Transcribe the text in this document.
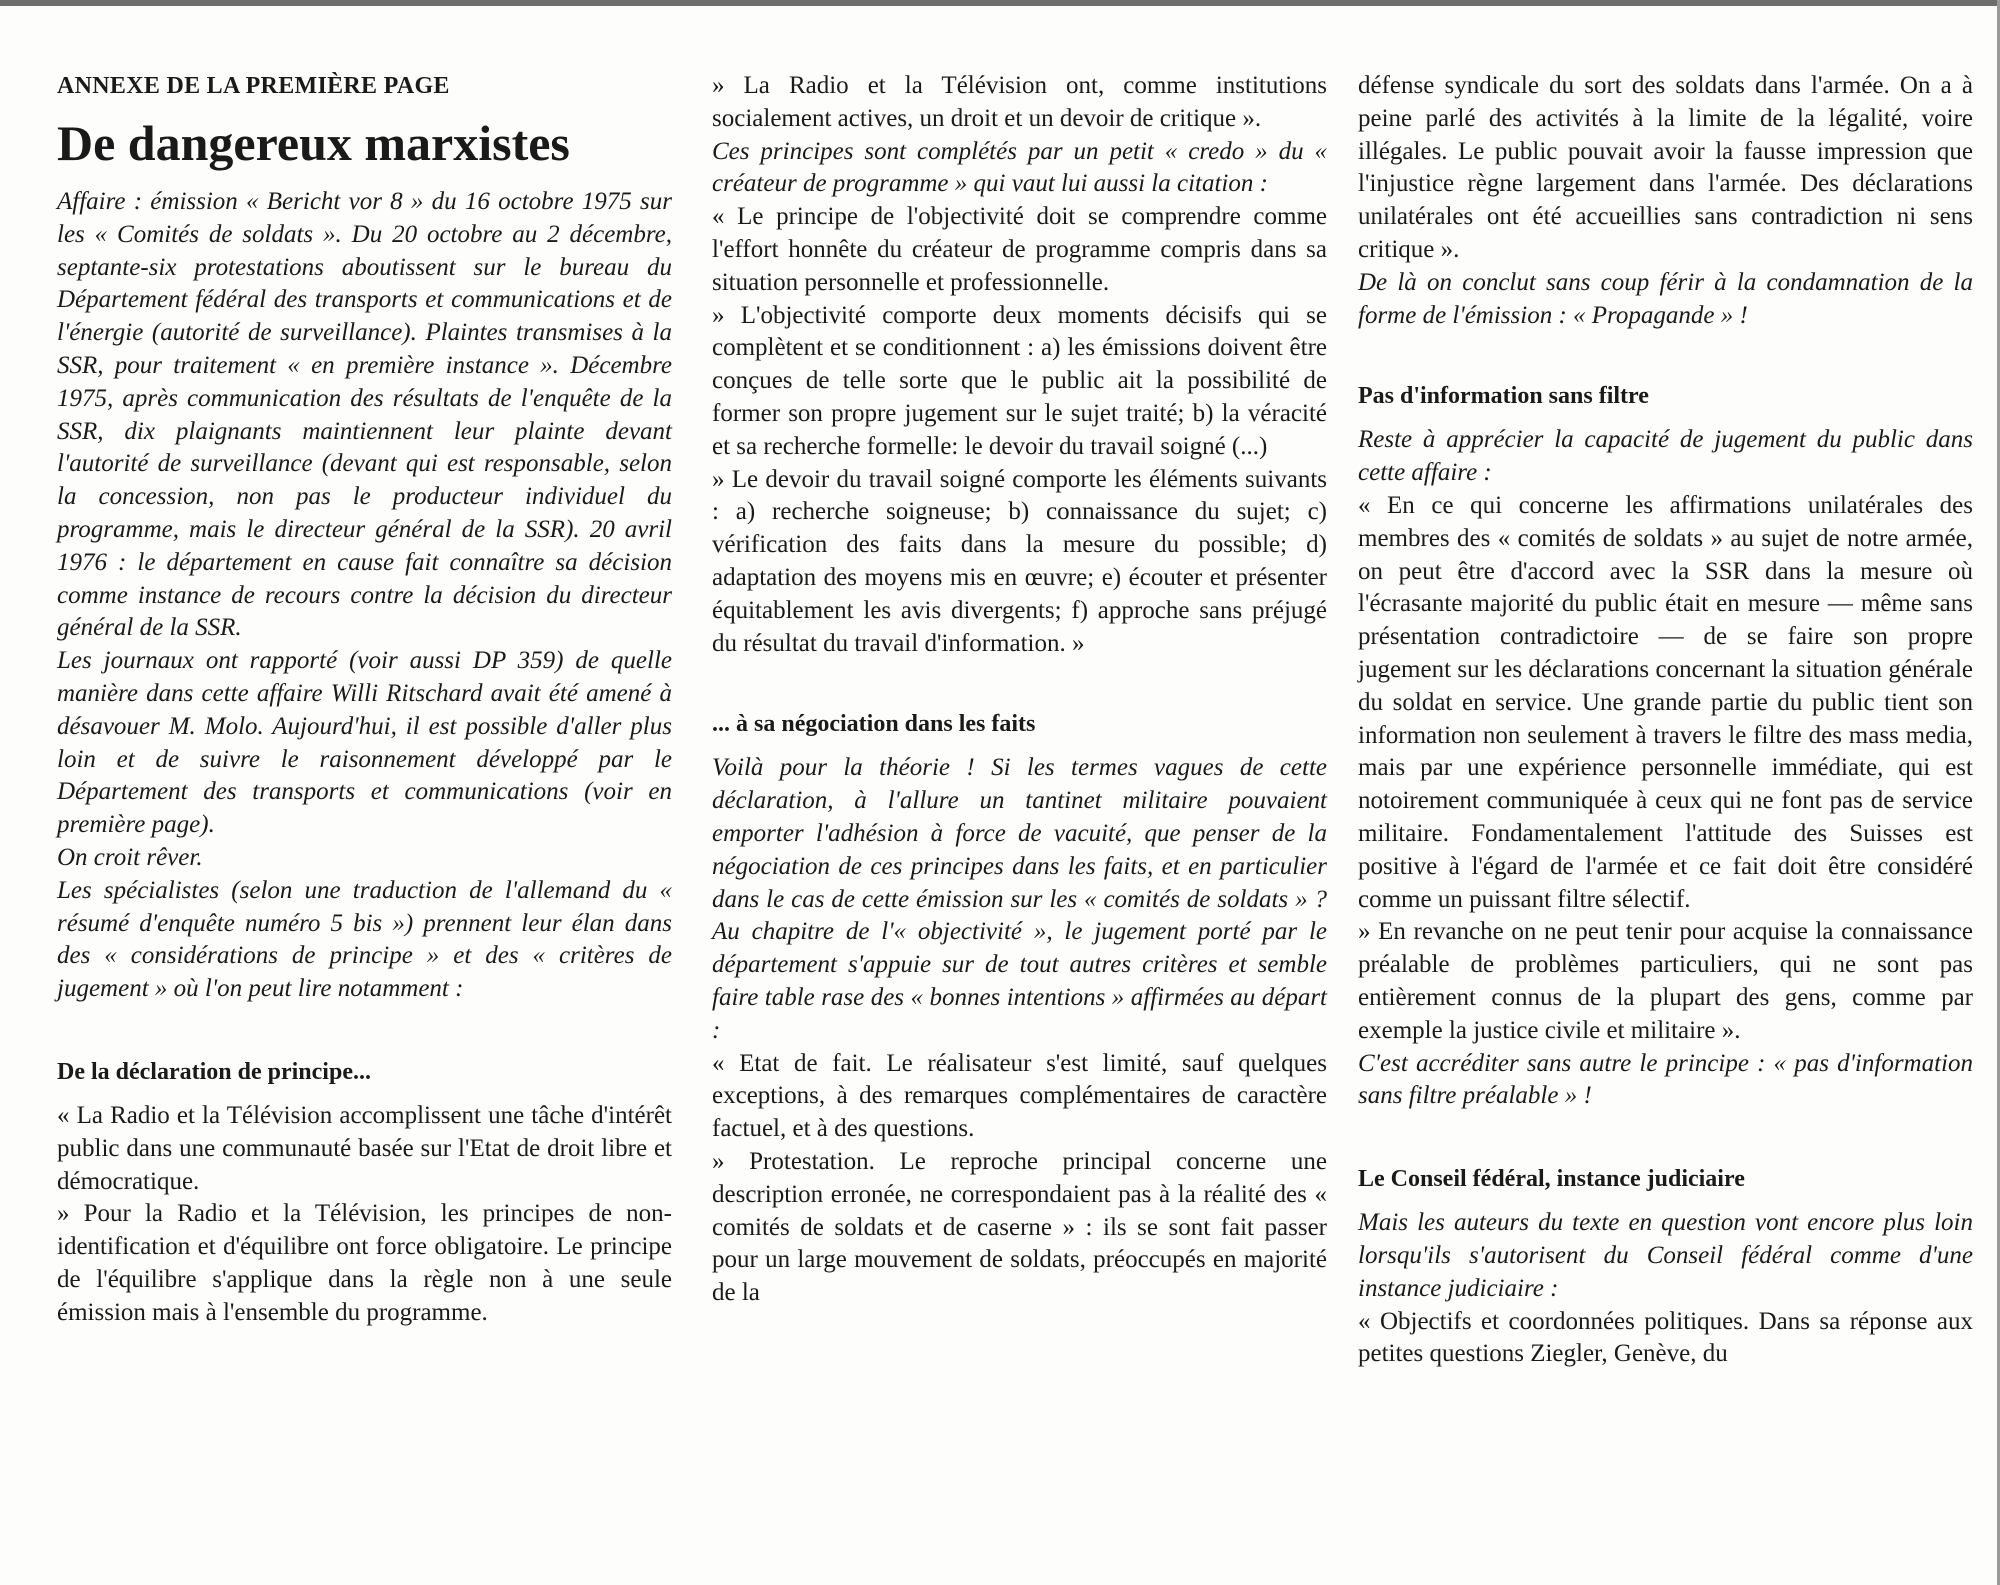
ANNEXE DE LA PREMIÈRE PAGE
De dangereux marxistes

Affaire : émission « Bericht vor 8 » du 16 octobre 1975 sur les « Comités de soldats ». Du 20 octobre au 2 décembre, septante-six protestations aboutissent sur le bureau du Département fédéral des transports et communications et de l'énergie (autorité de surveillance). Plaintes transmises à la SSR, pour traitement « en première instance ». Décembre 1975, après communication des résultats de l'enquête de la SSR, dix plaignants maintiennent leur plainte devant l'autorité de surveillance (devant qui est responsable, selon la concession, non pas le producteur individuel du programme, mais le directeur général de la SSR). 20 avril 1976 : le département en cause fait connaître sa décision comme instance de recours contre la décision du directeur général de la SSR.

Les journaux ont rapporté (voir aussi DP 359) de quelle manière dans cette affaire Willi Ritschard avait été amené à désavouer M. Molo. Aujourd'hui, il est possible d'aller plus loin et de suivre le raisonnement développé par le Département des transports et communications (voir en première page).

On croit rêver.

Les spécialistes (selon une traduction de l'allemand du « résumé d'enquête numéro 5 bis ») prennent leur élan dans des « considérations de principe » et des « critères de jugement » où l'on peut lire notamment :

De la déclaration de principe...

« La Radio et la Télévision accomplissent une tâche d'intérêt public dans une communauté basée sur l'Etat de droit libre et démocratique.

» Pour la Radio et la Télévision, les principes de non-identification et d'équilibre ont force obligatoire. Le principe de l'équilibre s'applique dans la règle non à une seule émission mais à l'ensemble du programme.

» La Radio et la Télévision ont, comme institutions socialement actives, un droit et un devoir de critique ».

Ces principes sont complétés par un petit « credo » du « créateur de programme » qui vaut lui aussi la citation :

« Le principe de l'objectivité doit se comprendre comme l'effort honnête du créateur de programme compris dans sa situation personnelle et professionnelle.

» L'objectivité comporte deux moments décisifs qui se complètent et se conditionnent : a) les émissions doivent être conçues de telle sorte que le public ait la possibilité de former son propre jugement sur le sujet traité; b) la véracité et sa recherche formelle: le devoir du travail soigné (...)

» Le devoir du travail soigné comporte les éléments suivants : a) recherche soigneuse; b) connaissance du sujet; c) vérification des faits dans la mesure du possible; d) adaptation des moyens mis en œuvre; e) écouter et présenter équitablement les avis divergents; f) approche sans préjugé du résultat du travail d'information. »

... à sa négociation dans les faits

Voilà pour la théorie ! Si les termes vagues de cette déclaration, à l'allure un tantinet militaire pouvaient emporter l'adhésion à force de vacuité, que penser de la négociation de ces principes dans les faits, et en particulier dans le cas de cette émission sur les « comités de soldats » ? Au chapitre de l'« objectivité », le jugement porté par le département s'appuie sur de tout autres critères et semble faire table rase des « bonnes intentions » affirmées au départ :

« Etat de fait. Le réalisateur s'est limité, sauf quelques exceptions, à des remarques complémentaires de caractère factuel, et à des questions.

» Protestation. Le reproche principal concerne une description erronée, ne correspondaient pas à la réalité des « comités de soldats et de caserne » : ils se sont fait passer pour un large mouvement de soldats, préoccupés en majorité de la

défense syndicale du sort des soldats dans l'armée. On a à peine parlé des activités à la limite de la légalité, voire illégales. Le public pouvait avoir la fausse impression que l'injustice règne largement dans l'armée. Des déclarations unilatérales ont été accueillies sans contradiction ni sens critique ».

De là on conclut sans coup férir à la condamnation de la forme de l'émission : « Propagande » !

Pas d'information sans filtre

Reste à apprécier la capacité de jugement du public dans cette affaire :

« En ce qui concerne les affirmations unilatérales des membres des « comités de soldats » au sujet de notre armée, on peut être d'accord avec la SSR dans la mesure où l'écrasante majorité du public était en mesure — même sans présentation contradictoire — de se faire son propre jugement sur les déclarations concernant la situation générale du soldat en service. Une grande partie du public tient son information non seulement à travers le filtre des mass media, mais par une expérience personnelle immédiate, qui est notoirement communiquée à ceux qui ne font pas de service militaire. Fondamentalement l'attitude des Suisses est positive à l'égard de l'armée et ce fait doit être considéré comme un puissant filtre sélectif.

» En revanche on ne peut tenir pour acquise la connaissance préalable de problèmes particuliers, qui ne sont pas entièrement connus de la plupart des gens, comme par exemple la justice civile et militaire ».

C'est accréditer sans autre le principe : « pas d'information sans filtre préalable » !

Le Conseil fédéral, instance judiciaire

Mais les auteurs du texte en question vont encore plus loin lorsqu'ils s'autorisent du Conseil fédéral comme d'une instance judiciaire :

« Objectifs et coordonnées politiques. Dans sa réponse aux petites questions Ziegler, Genève, du
